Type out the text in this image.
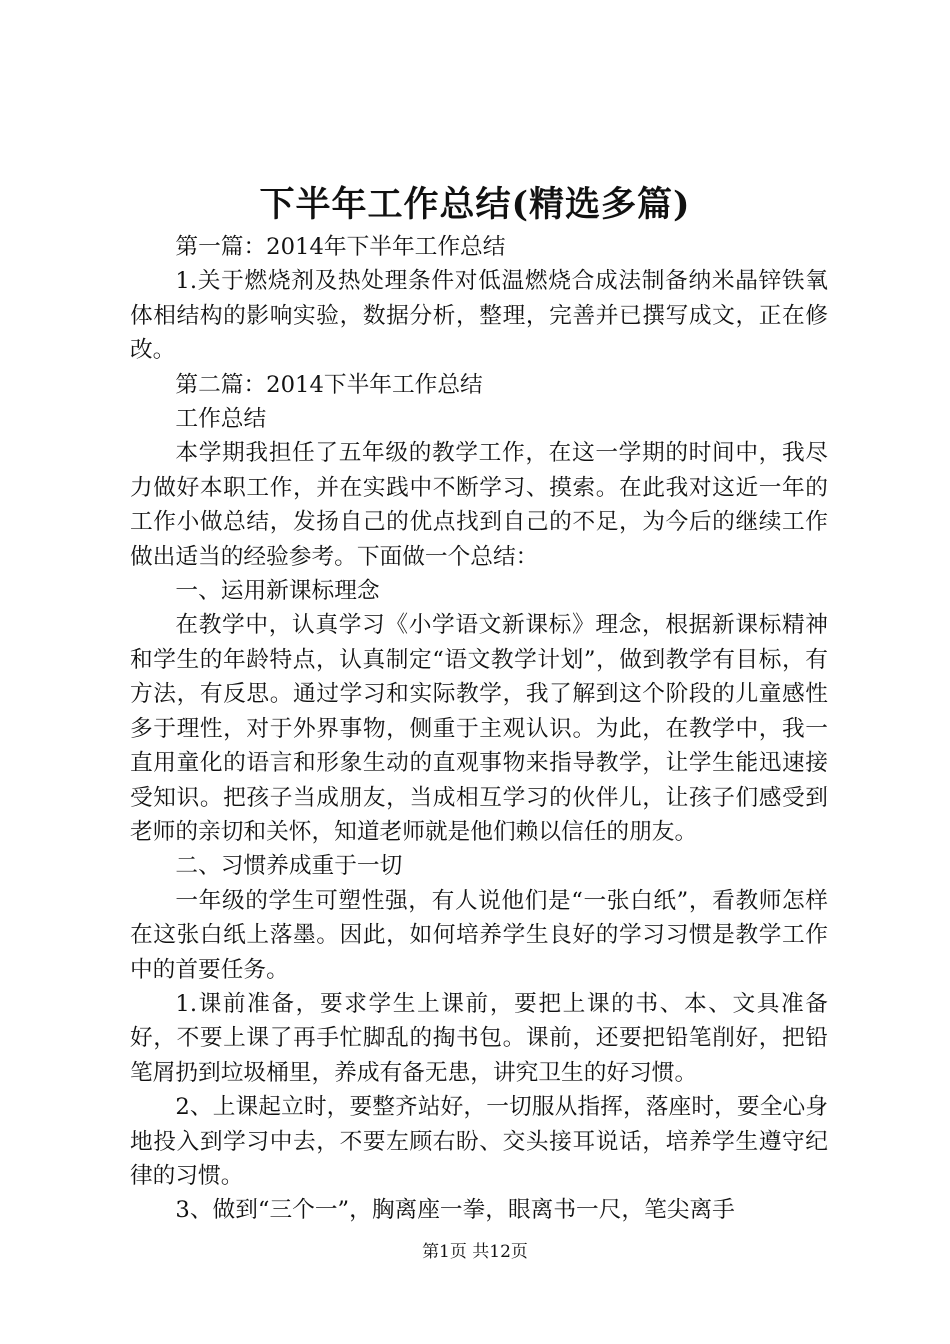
下半年工作总结(精选多篇)

第一篇：2014年下半年工作总结

1.关于燃烧剂及热处理条件对低温燃烧合成法制备纳米晶锌铁氧体相结构的影响实验，数据分析，整理，完善并已撰写成文，正在修改。

第二篇：2014下半年工作总结

工作总结

本学期我担任了五年级的教学工作，在这一学期的时间中，我尽力做好本职工作，并在实践中不断学习、摸索。在此我对这近一年的工作小做总结，发扬自己的优点找到自己的不足，为今后的继续工作做出适当的经验参考。下面做一个总结：

一、运用新课标理念

在教学中，认真学习《小学语文新课标》理念，根据新课标精神和学生的年龄特点，认真制定“语文教学计划”，做到教学有目标，有方法，有反思。通过学习和实际教学，我了解到这个阶段的儿童感性多于理性，对于外界事物，侧重于主观认识。为此，在教学中，我一直用童化的语言和形象生动的直观事物来指导教学，让学生能迅速接受知识。把孩子当成朋友，当成相互学习的伙伴儿，让孩子们感受到老师的亲切和关怀，知道老师就是他们赖以信任的朋友。

二、习惯养成重于一切

一年级的学生可塑性强，有人说他们是“一张白纸”，看教师怎样在这张白纸上落墨。因此，如何培养学生良好的学习习惯是教学工作中的首要任务。

1.课前准备，要求学生上课前，要把上课的书、本、文具准备好，不要上课了再手忙脚乱的掏书包。课前，还要把铅笔削好，把铅笔屑扔到垃圾桶里，养成有备无患，讲究卫生的好习惯。

2、上课起立时，要整齐站好，一切服从指挥，落座时，要全心身地投入到学习中去，不要左顾右盼、交头接耳说话，培养学生遵守纪律的习惯。

3、做到“三个一”，胸离座一拳，眼离书一尺，笔尖离手

第1页 共12页
